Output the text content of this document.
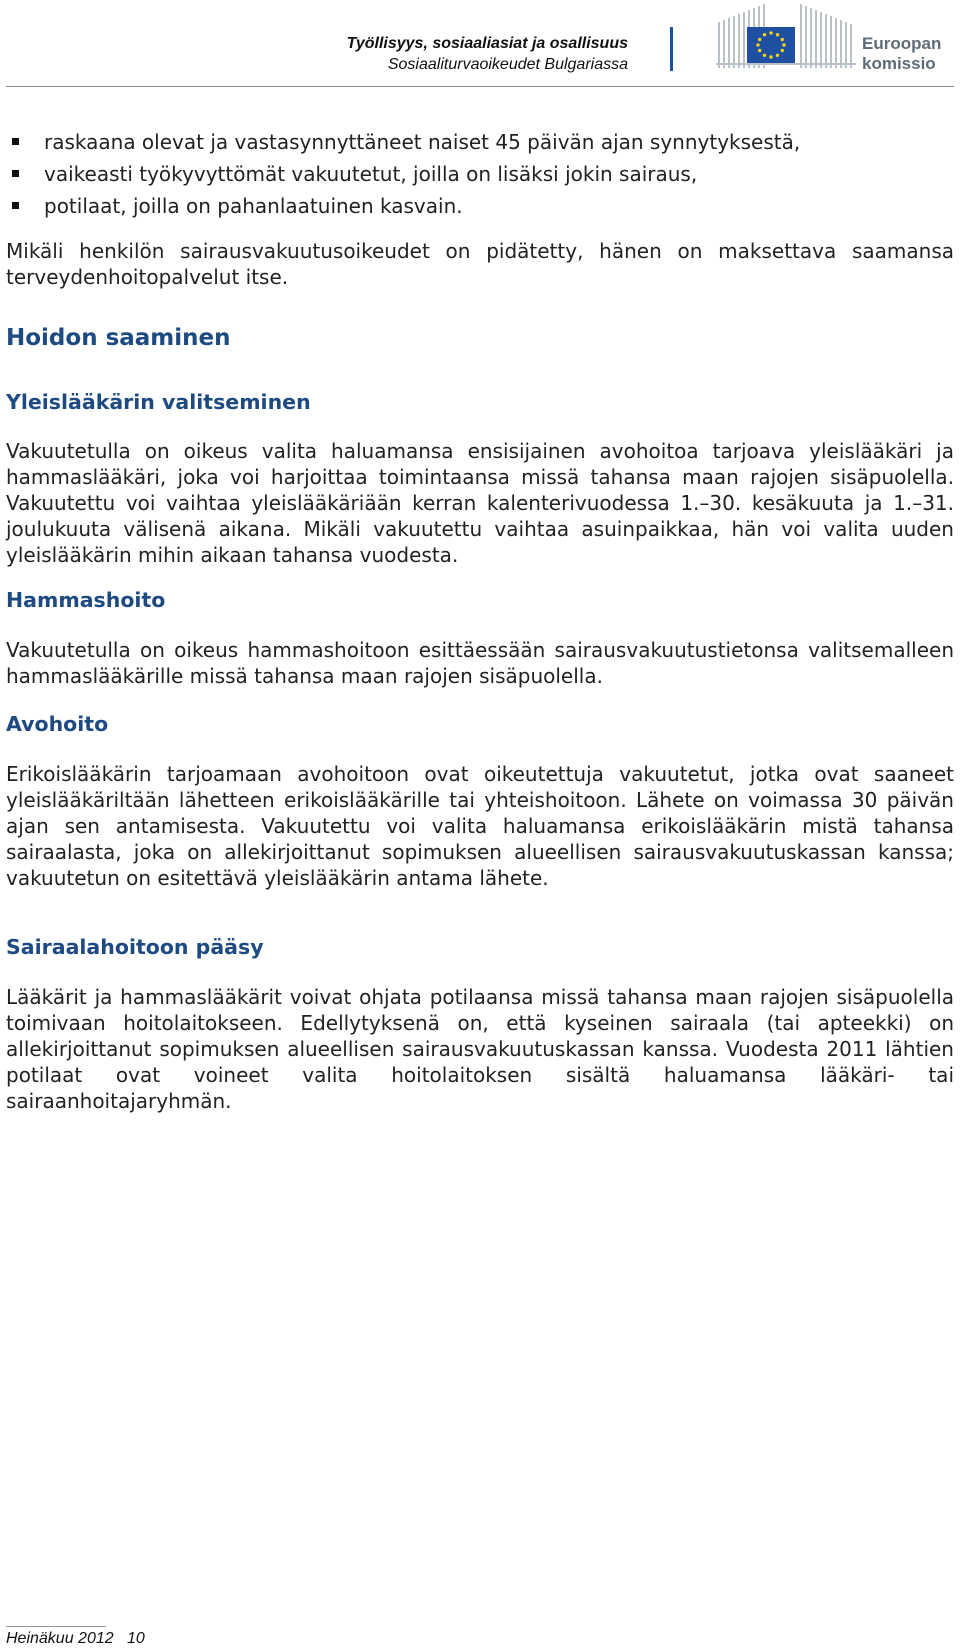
Työllisyys, sosiaaliasiat ja osallisuus
Sosiaaliturvaoikeudet Bulgariassa
Euroopan
komissio
raskaana olevat ja vastasynnyttäneet naiset 45 päivän ajan synnytyksestä,
vaikeasti työkyvyttömät vakuutetut, joilla on lisäksi jokin sairaus,
potilaat, joilla on pahanlaatuinen kasvain.
Mikäli henkilön sairausvakuutusoikeudet on pidätetty, hänen on maksettava saamansa terveydenhoitopalvelut itse.
Hoidon saaminen
Yleislääkärin valitseminen
Vakuutetulla on oikeus valita haluamansa ensisijainen avohoitoa tarjoava yleislääkäri ja hammaslääkäri, joka voi harjoittaa toimintaansa missä tahansa maan rajojen sisäpuolella. Vakuutettu voi vaihtaa yleislääkäriään kerran kalenterivuodessa 1.–30. kesäkuuta ja 1.–31. joulukuuta välisenä aikana. Mikäli vakuutettu vaihtaa asuinpaikkaa, hän voi valita uuden yleislääkärin mihin aikaan tahansa vuodesta.
Hammashoito
Vakuutetulla on oikeus hammashoitoon esittäessään sairausvakuutustietonsa valitsemalleen hammaslääkärille missä tahansa maan rajojen sisäpuolella.
Avohoito
Erikoislääkärin tarjoamaan avohoitoon ovat oikeutettuja vakuutetut, jotka ovat saaneet yleislääkäriltään lähetteen erikoislääkärille tai yhteishoitoon. Lähete on voimassa 30 päivän ajan sen antamisesta. Vakuutettu voi valita haluamansa erikoislääkärin mistä tahansa sairaalasta, joka on allekirjoittanut sopimuksen alueellisen sairausvakuutuskassan kanssa; vakuutetun on esitettävä yleislääkärin antama lähete.
Sairaalahoitoon pääsy
Lääkärit ja hammaslääkärit voivat ohjata potilaansa missä tahansa maan rajojen sisäpuolella toimivaan hoitolaitokseen. Edellytyksenä on, että kyseinen sairaala (tai apteekki) on allekirjoittanut sopimuksen alueellisen sairausvakuutuskassan kanssa. Vuodesta 2011 lähtien potilaat ovat voineet valita hoitolaitoksen sisältä haluamansa lääkäri- tai sairaanhoitajaryhmän.
Heinäkuu 2012   10
